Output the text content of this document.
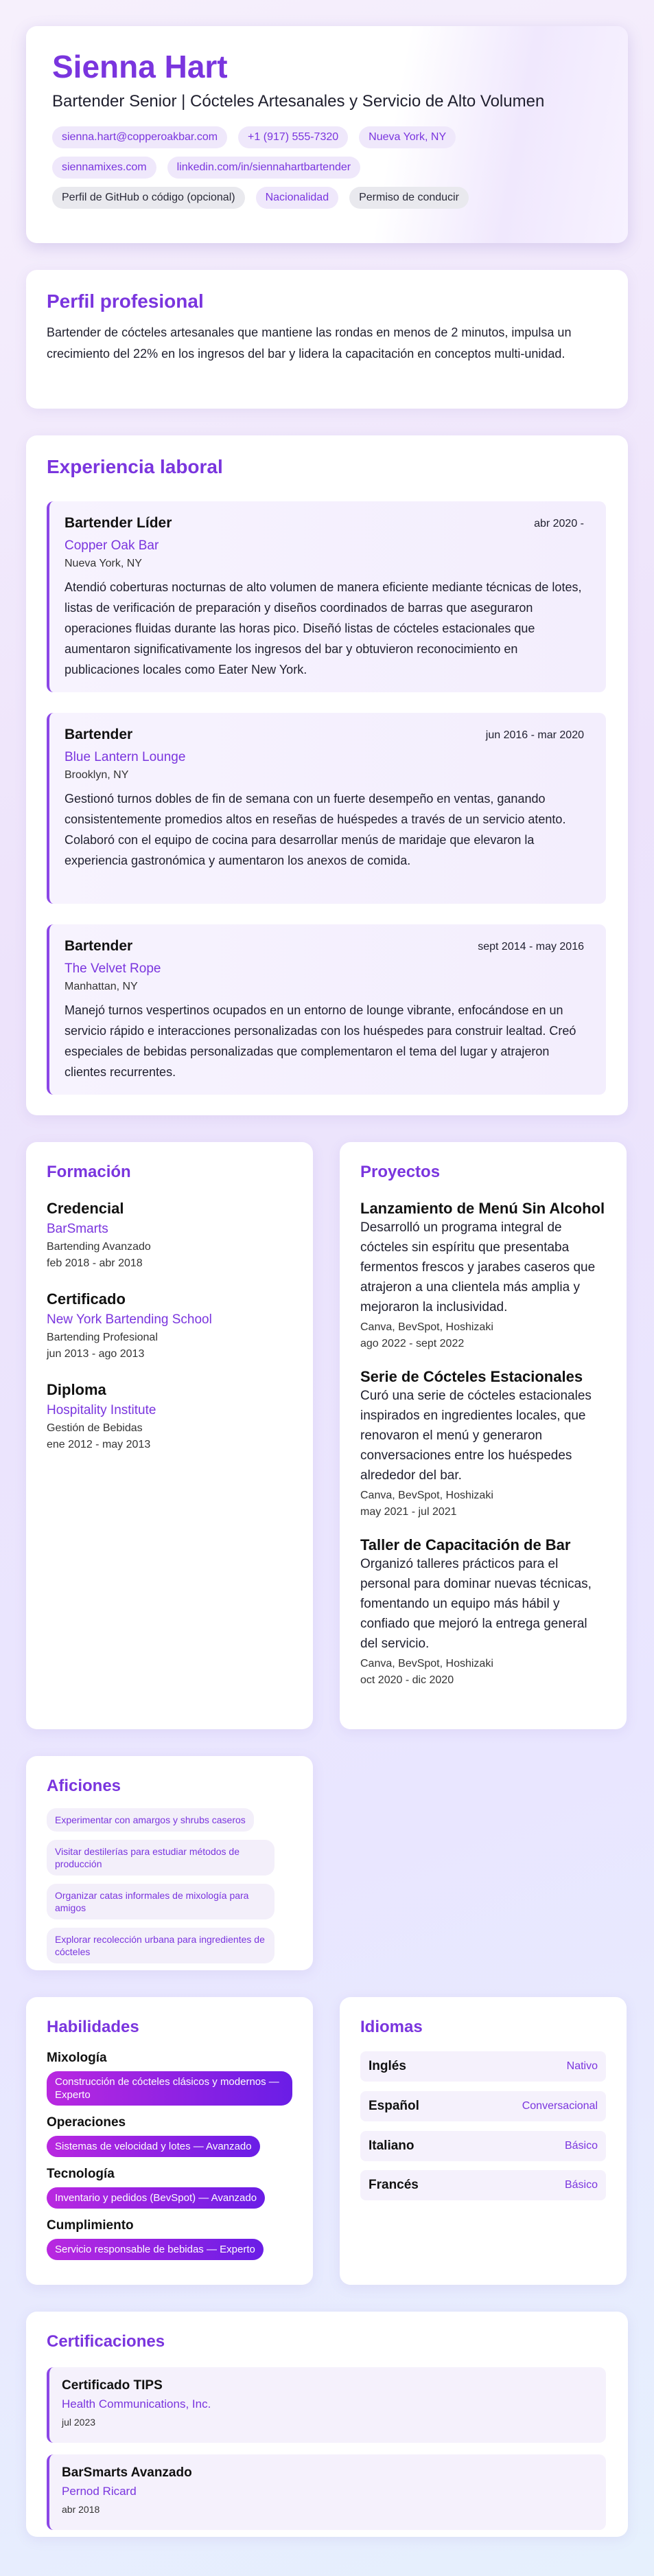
Sienna Hart
Bartender Senior | Cócteles Artesanales y Servicio de Alto Volumen
sienna.hart@copperoakbar.com	+1 (917) 555-7320	Nueva York, NY
siennamixes.com	linkedin.com/in/siennahartbartender
Perfil de GitHub o código (opcional)	Nacionalidad	Permiso de conducir
Perfil profesional
Bartender de cócteles artesanales que mantiene las rondas en menos de 2 minutos, impulsa un crecimiento del 22% en los ingresos del bar y lidera la capacitación en conceptos multi-unidad.
Experiencia laboral
Bartender Líder	abr 2020 -
Copper Oak Bar
Nueva York, NY
Atendió coberturas nocturnas de alto volumen de manera eficiente mediante técnicas de lotes, listas de verificación de preparación y diseños coordinados de barras que aseguraron operaciones fluidas durante las horas pico. Diseñó listas de cócteles estacionales que aumentaron significativamente los ingresos del bar y obtuvieron reconocimiento en publicaciones locales como Eater New York.
Bartender	jun 2016 - mar 2020
Blue Lantern Lounge
Brooklyn, NY
Gestionó turnos dobles de fin de semana con un fuerte desempeño en ventas, ganando consistentemente promedios altos en reseñas de huéspedes a través de un servicio atento. Colaboró con el equipo de cocina para desarrollar menús de maridaje que elevaron la experiencia gastronómica y aumentaron los anexos de comida.
Bartender	sept 2014 - may 2016
The Velvet Rope
Manhattan, NY
Manejó turnos vespertinos ocupados en un entorno de lounge vibrante, enfocándose en un servicio rápido e interacciones personalizadas con los huéspedes para construir lealtad. Creó especiales de bebidas personalizadas que complementaron el tema del lugar y atrajeron clientes recurrentes.
Formación
Credencial
BarSmarts
Bartending Avanzado
feb 2018 - abr 2018
Certificado
New York Bartending School
Bartending Profesional
jun 2013 - ago 2013
Diploma
Hospitality Institute
Gestión de Bebidas
ene 2012 - may 2013
Proyectos
Lanzamiento de Menú Sin Alcohol
Desarrolló un programa integral de cócteles sin espíritu que presentaba fermentos frescos y jarabes caseros que atrajeron a una clientela más amplia y mejoraron la inclusividad.
Canva, BevSpot, Hoshizaki
ago 2022 - sept 2022
Serie de Cócteles Estacionales
Curó una serie de cócteles estacionales inspirados en ingredientes locales, que renovaron el menú y generaron conversaciones entre los huéspedes alrededor del bar.
Canva, BevSpot, Hoshizaki
may 2021 - jul 2021
Taller de Capacitación de Bar
Organizó talleres prácticos para el personal para dominar nuevas técnicas, fomentando un equipo más hábil y confiado que mejoró la entrega general del servicio.
Canva, BevSpot, Hoshizaki
oct 2020 - dic 2020
Aficiones
Experimentar con amargos y shrubs caseros
Visitar destilerías para estudiar métodos de producción
Organizar catas informales de mixología para amigos
Explorar recolección urbana para ingredientes de cócteles
Habilidades
Mixología
Construcción de cócteles clásicos y modernos — Experto
Operaciones
Sistemas de velocidad y lotes — Avanzado
Tecnología
Inventario y pedidos (BevSpot) — Avanzado
Cumplimiento
Servicio responsable de bebidas — Experto
Idiomas
Inglés	Nativo
Español	Conversacional
Italiano	Básico
Francés	Básico
Certificaciones
Certificado TIPS
Health Communications, Inc.
jul 2023
BarSmarts Avanzado
Pernod Ricard
abr 2018
